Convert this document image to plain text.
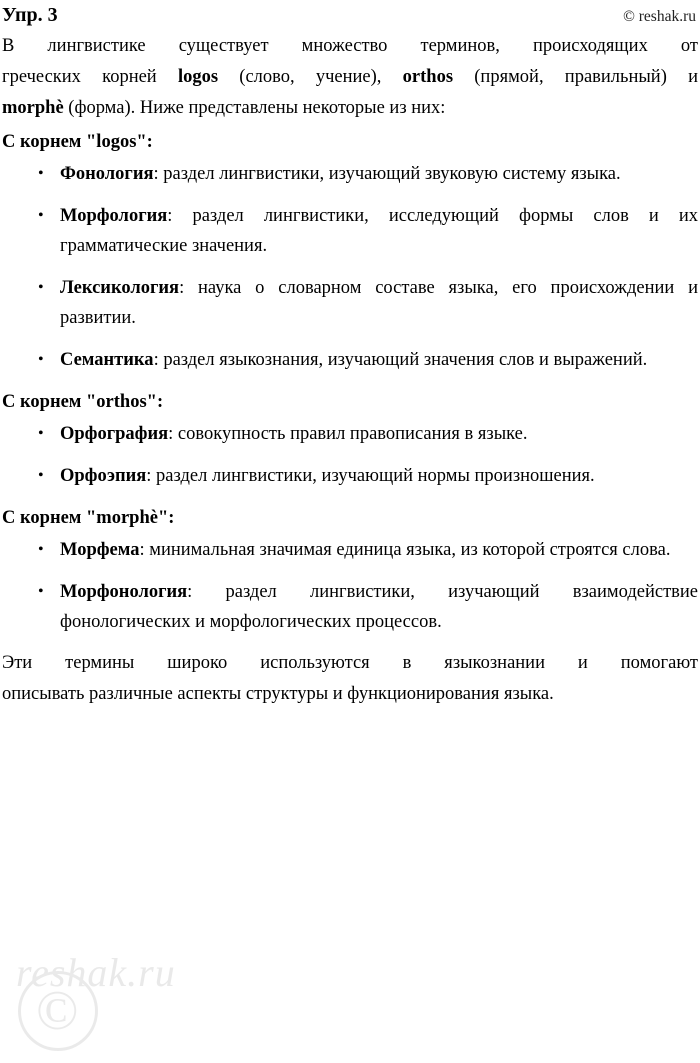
reshak.ru
©
Упр. 3	© reshak.ru

В лингвистике существует множество терминов, происходящих от

греческих корней logos (слово, учение), orthos (прямой, правильный) и

morphè (форма). Ниже представлены некоторые из них:

С корнем "logos":
• Фонология: раздел лингвистики, изучающий звуковую систему языка.
• Морфология: раздел лингвистики, исследующий формы слов и их грамматические значения.
• Лексикология: наука о словарном составе языка, его происхождении и развитии.
• Семантика: раздел языкознания, изучающий значения слов и выражений.
С корнем "orthos":
• Орфография: совокупность правил правописания в языке.
• Орфоэпия: раздел лингвистики, изучающий нормы произношения.
С корнем "morphè":
• Морфема: минимальная значимая единица языка, из которой строятся слова.
• Морфонология: раздел лингвистики, изучающий взаимодействие фонологических и морфологических процессов.

Эти термины широко используются в языкознании и помогают

описывать различные аспекты структуры и функционирования языка.
